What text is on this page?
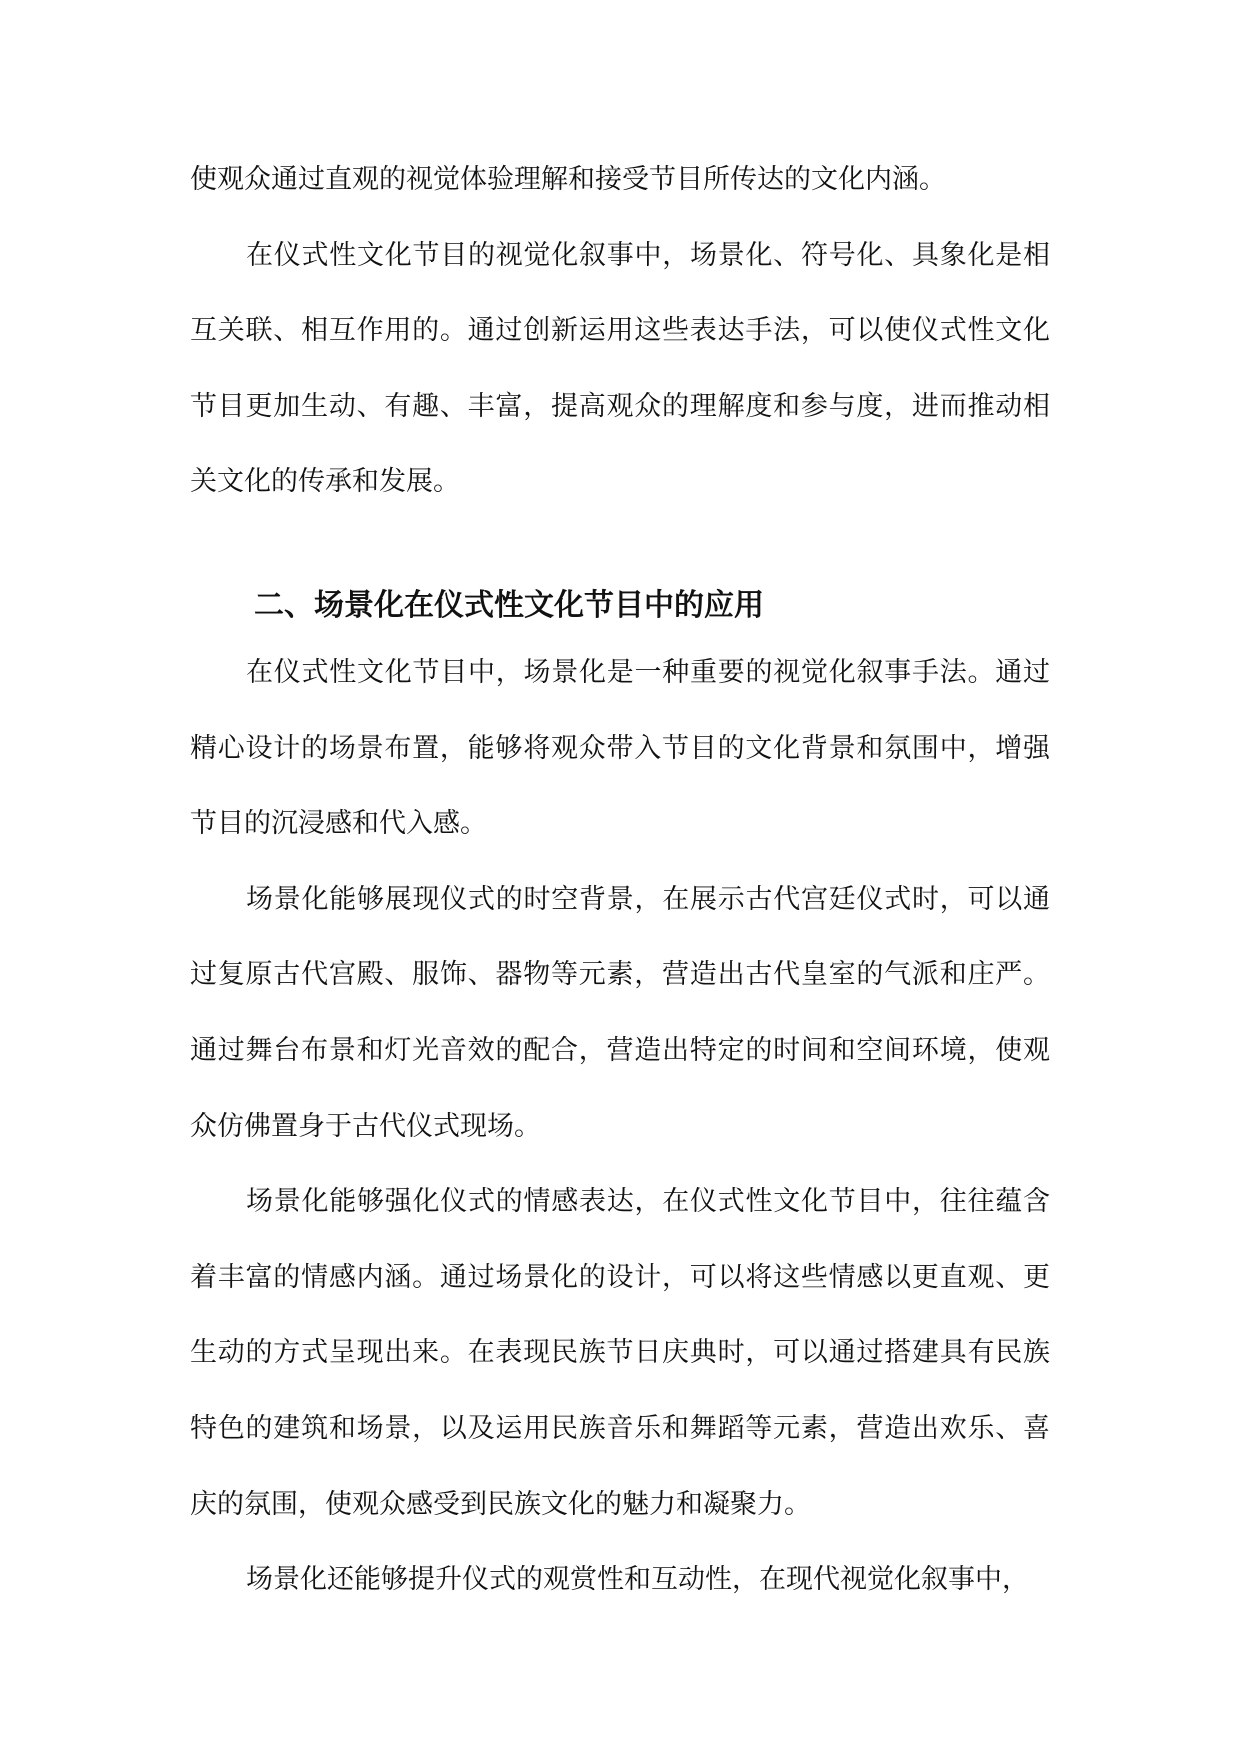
使观众通过直观的视觉体验理解和接受节目所传达的文化内涵。

在仪式性文化节目的视觉化叙事中，场景化、符号化、具象化是相互关联、相互作用的。通过创新运用这些表达手法，可以使仪式性文化节目更加生动、有趣、丰富，提高观众的理解度和参与度，进而推动相关文化的传承和发展。

二、场景化在仪式性文化节目中的应用

在仪式性文化节目中，场景化是一种重要的视觉化叙事手法。通过精心设计的场景布置，能够将观众带入节目的文化背景和氛围中，增强节目的沉浸感和代入感。

场景化能够展现仪式的时空背景，在展示古代宫廷仪式时，可以通过复原古代宫殿、服饰、器物等元素，营造出古代皇室的气派和庄严。通过舞台布景和灯光音效的配合，营造出特定的时间和空间环境，使观众仿佛置身于古代仪式现场。

场景化能够强化仪式的情感表达，在仪式性文化节目中，往往蕴含着丰富的情感内涵。通过场景化的设计，可以将这些情感以更直观、更生动的方式呈现出来。在表现民族节日庆典时，可以通过搭建具有民族特色的建筑和场景，以及运用民族音乐和舞蹈等元素，营造出欢乐、喜庆的氛围，使观众感受到民族文化的魅力和凝聚力。

场景化还能够提升仪式的观赏性和互动性，在现代视觉化叙事中，
